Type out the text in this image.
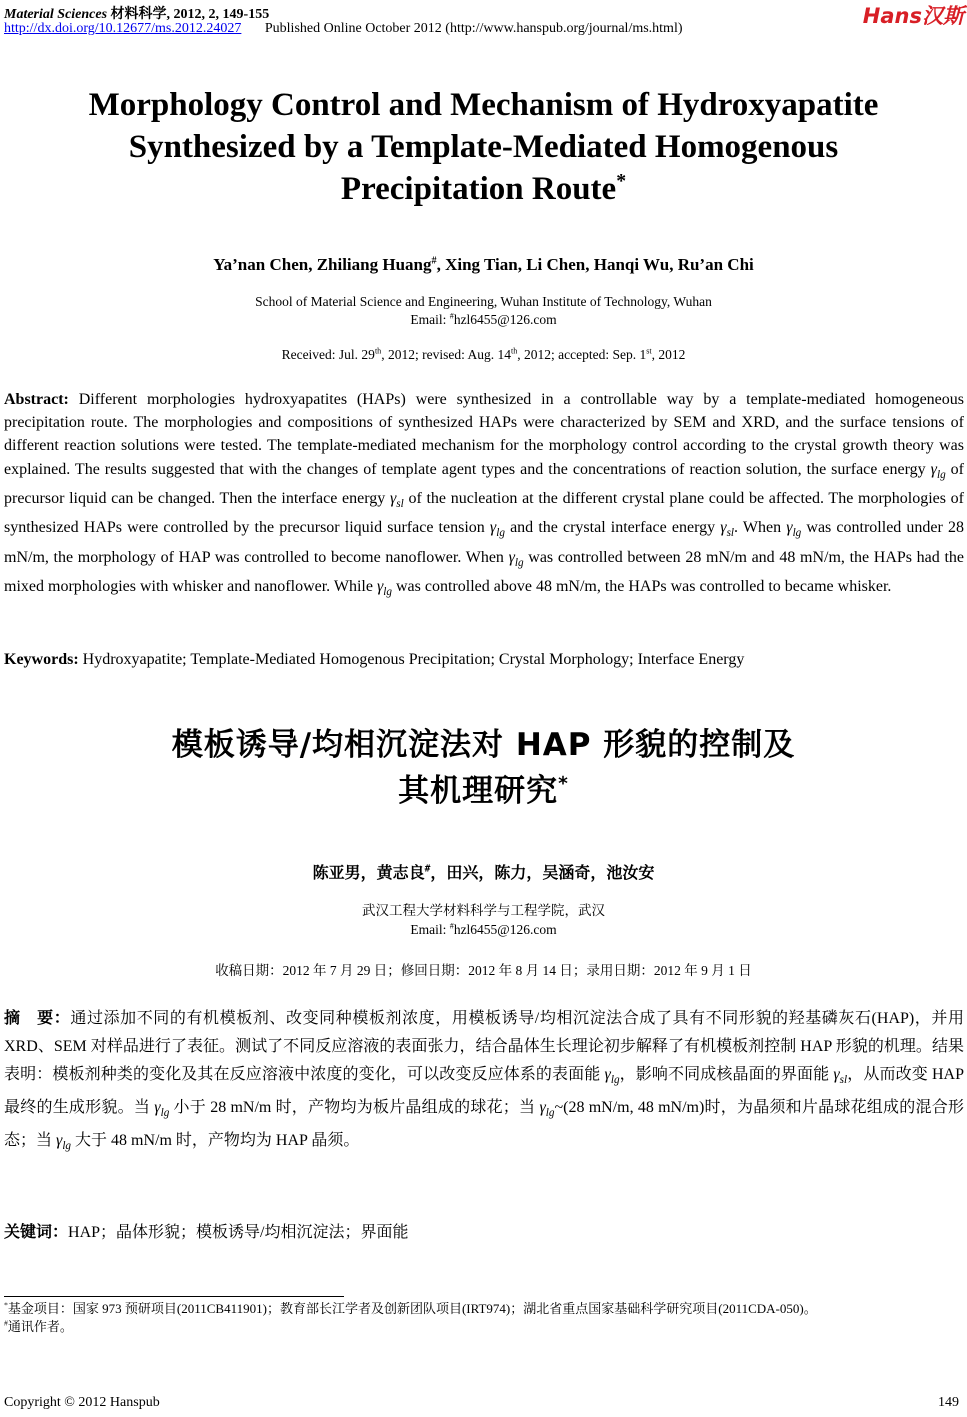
Material Sciences 材料科学, 2012, 2, 149-155
http://dx.doi.org/10.12677/ms.2012.24027 Published Online October 2012 (http://www.hanspub.org/journal/ms.html)
Hans汉斯
Morphology Control and Mechanism of Hydroxyapatite
Synthesized by a Template-Mediated Homogenous
Precipitation Route*
Ya’nan Chen, Zhiliang Huang#, Xing Tian, Li Chen, Hanqi Wu, Ru’an Chi
School of Material Science and Engineering, Wuhan Institute of Technology, Wuhan
Email: #hzl6455@126.com
Received: Jul. 29th, 2012; revised: Aug. 14th, 2012; accepted: Sep. 1st, 2012
Abstract: Different morphologies hydroxyapatites (HAPs) were synthesized in a controllable way by a template-mediated homogeneous precipitation route. The morphologies and compositions of synthesized HAPs were characterized by SEM and XRD, and the surface tensions of different reaction solutions were tested. The template-mediated mechanism for the morphology control according to the crystal growth theory was explained. The results suggested that with the changes of template agent types and the concentrations of reaction solution, the surface energy $\gamma_{lg}$ of precursor liquid can be changed. Then the interface energy $\gamma_{sl}$ of the nucleation at the different crystal plane could be affected. The morphologies of synthesized HAPs were controlled by the precursor liquid surface tension $\gamma_{lg}$ and the crystal interface energy $\gamma_{sl}$. When $\gamma_{lg}$ was controlled under 28 mN/m, the morphology of HAP was controlled to become nanoflower. When $\gamma_{lg}$ was controlled between 28 mN/m and 48 mN/m, the HAPs had the mixed morphologies with whisker and nanoflower. While $\gamma_{lg}$ was controlled above 48 mN/m, the HAPs was controlled to became whisker.
Keywords: Hydroxyapatite; Template-Mediated Homogenous Precipitation; Crystal Morphology; Interface Energy
模板诱导/均相沉淀法对 HAP 形貌的控制及
其机理研究*
陈亚男，黄志良#，田兴，陈力，吴涵奇，池汝安
武汉工程大学材料科学与工程学院，武汉
Email: #hzl6455@126.com
收稿日期：2012 年 7 月 29 日；修回日期：2012 年 8 月 14 日；录用日期：2012 年 9 月 1 日
摘　要：通过添加不同的有机模板剂、改变同种模板剂浓度，用模板诱导/均相沉淀法合成了具有不同形貌的羟基磷灰石(HAP)，并用 XRD、SEM 对样品进行了表征。测试了不同反应溶液的表面张力，结合晶体生长理论初步解释了有机模板剂控制 HAP 形貌的机理。结果表明：模板剂种类的变化及其在反应溶液中浓度的变化，可以改变反应体系的表面能 $\gamma_{lg}$，影响不同成核晶面的界面能 $\gamma_{sl}$，从而改变 HAP 最终的生成形貌。当 $\gamma_{lg}$ 小于 28 mN/m 时，产物均为板片晶组成的球花；当 $\gamma_{lg}\sim(28$ mN/m, 48 mN/m)时，为晶须和片晶球花组成的混合形态；当 $\gamma_{lg}$ 大于 48 mN/m 时，产物均为 HAP 晶须。
关键词：HAP；晶体形貌；模板诱导/均相沉淀法；界面能

*基金项目：国家 973 预研项目(2011CB411901)；教育部长江学者及创新团队项目(IRT974)；湖北省重点国家基础科学研究项目(2011CDA-050)。

#通讯作者。

Copyright © 2012 Hanspub	149
